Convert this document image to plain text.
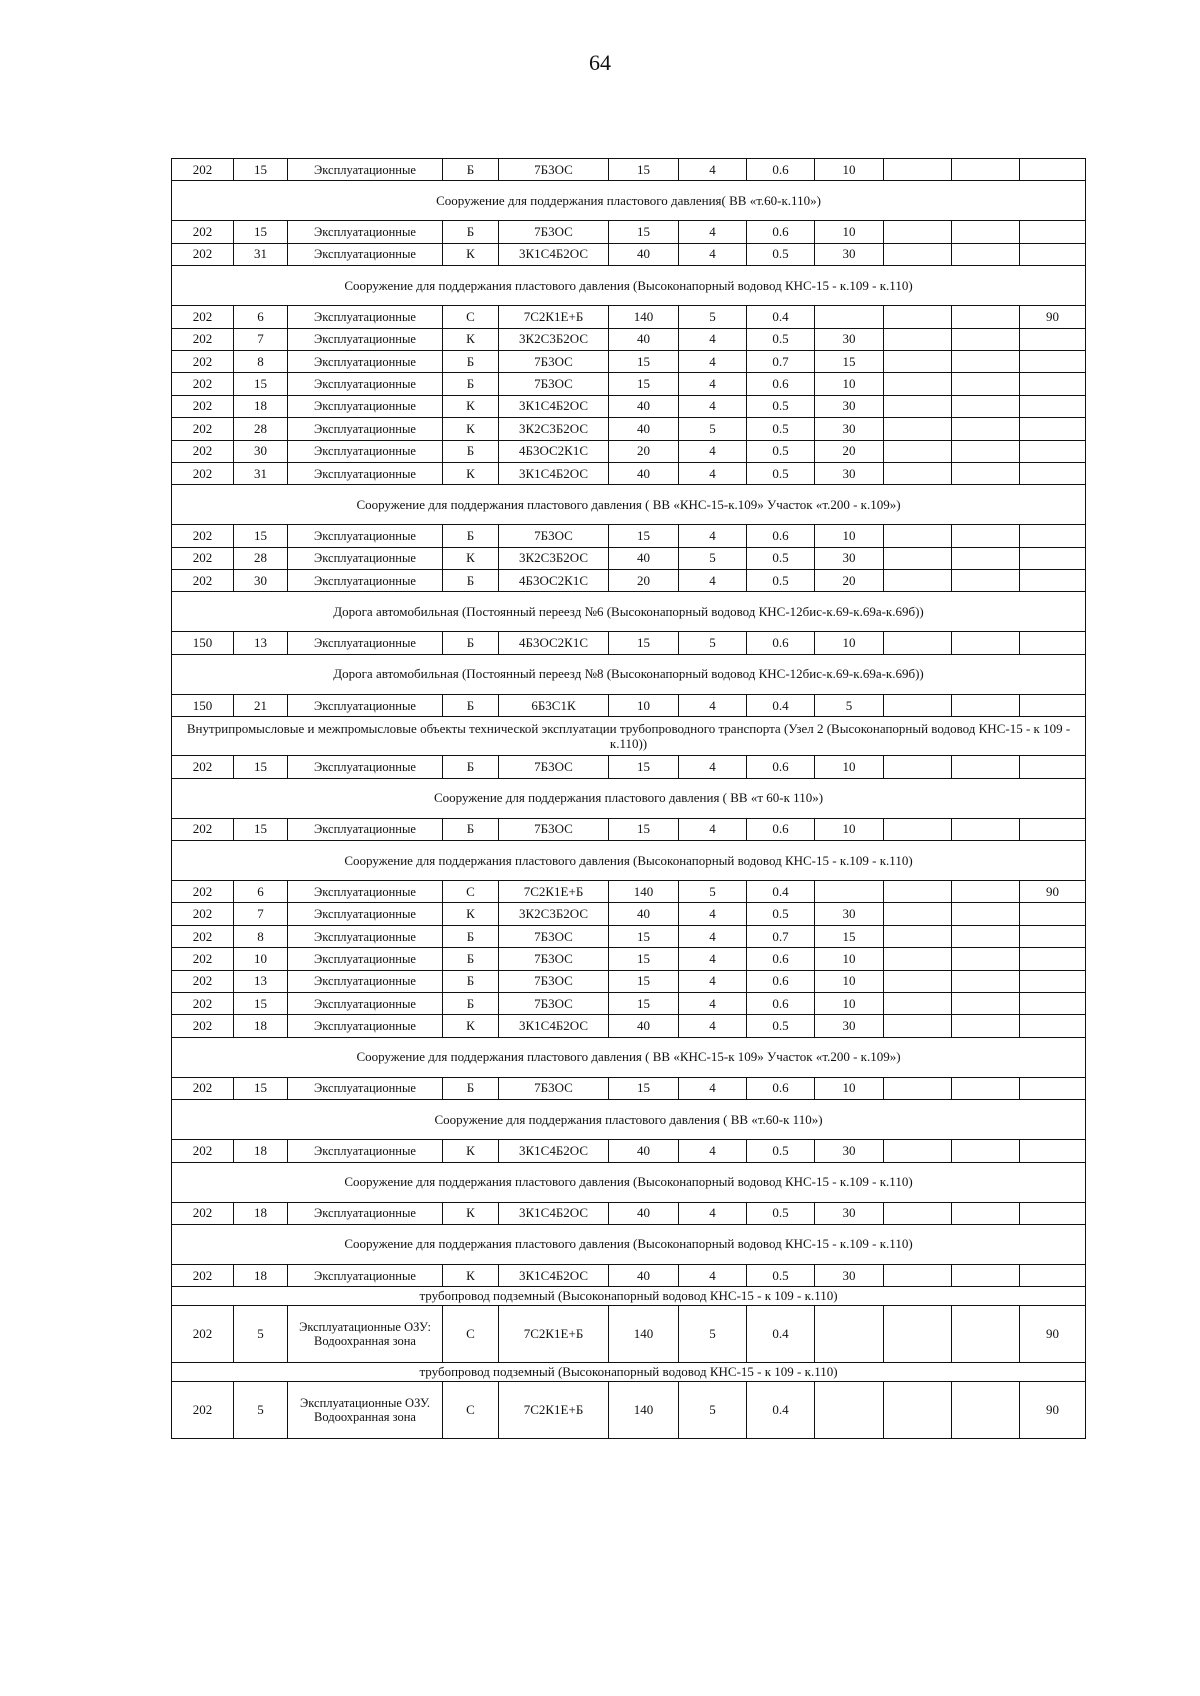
64
202	15	Эксплуатационные	Б	7Б3ОС	15	4	0.6	10			
Сооружение для поддержания пластового давления( ВВ «т.60-к.110»)											
202	15	Эксплуатационные	Б	7Б3ОС	15	4	0.6	10			
202	31	Эксплуатационные	К	3К1С4Б2ОС	40	4	0.5	30			
Сооружение для поддержания пластового давления (Высоконапорный водовод КНС-15 - к.109 - к.110)											
202	6	Эксплуатационные	С	7С2К1Е+Б	140	5	0.4				90
202	7	Эксплуатационные	К	3К2С3Б2ОС	40	4	0.5	30			
202	8	Эксплуатационные	Б	7Б3ОС	15	4	0.7	15			
202	15	Эксплуатационные	Б	7Б3ОС	15	4	0.6	10			
202	18	Эксплуатационные	К	3К1С4Б2ОС	40	4	0.5	30			
202	28	Эксплуатационные	К	3К2С3Б2ОС	40	5	0.5	30			
202	30	Эксплуатационные	Б	4Б3ОС2К1С	20	4	0.5	20			
202	31	Эксплуатационные	К	3К1С4Б2ОС	40	4	0.5	30			
Сооружение для поддержания пластового давления ( ВВ «КНС-15-к.109» Участок «т.200 - к.109»)											
202	15	Эксплуатационные	Б	7Б3ОС	15	4	0.6	10			
202	28	Эксплуатационные	К	3К2С3Б2ОС	40	5	0.5	30			
202	30	Эксплуатационные	Б	4Б3ОС2К1С	20	4	0.5	20			
Дорога автомобильная (Постоянный переезд №6 (Высоконапорный водовод КНС-12бис-к.69-к.69а-к.69б))											
150	13	Эксплуатационные	Б	4Б3ОС2К1С	15	5	0.6	10			
Дорога автомобильная (Постоянный переезд №8 (Высоконапорный водовод КНС-12бис-к.69-к.69а-к.69б))											
150	21	Эксплуатационные	Б	6Б3С1К	10	4	0.4	5			
Внутрипромысловые и межпромысловые объекты технической эксплуатации трубопроводного транспорта (Узел 2 (Высоконапорный водовод КНС-15 - к 109 - к.110))											
202	15	Эксплуатационные	Б	7Б3ОС	15	4	0.6	10			
Сооружение для поддержания пластового давления ( ВВ «т 60-к 110»)											
202	15	Эксплуатационные	Б	7Б3ОС	15	4	0.6	10			
Сооружение для поддержания пластового давления (Высоконапорный водовод КНС-15 - к.109 - к.110)											
202	6	Эксплуатационные	С	7С2К1Е+Б	140	5	0.4				90
202	7	Эксплуатационные	К	3К2С3Б2ОС	40	4	0.5	30			
202	8	Эксплуатационные	Б	7Б3ОС	15	4	0.7	15			
202	10	Эксплуатационные	Б	7Б3ОС	15	4	0.6	10			
202	13	Эксплуатационные	Б	7Б3ОС	15	4	0.6	10			
202	15	Эксплуатационные	Б	7Б3ОС	15	4	0.6	10			
202	18	Эксплуатационные	К	3К1С4Б2ОС	40	4	0.5	30			
Сооружение для поддержания пластового давления ( ВВ «КНС-15-к 109» Участок «т.200 - к.109»)											
202	15	Эксплуатационные	Б	7Б3ОС	15	4	0.6	10			
Сооружение для поддержания пластового давления ( ВВ «т.60-к 110»)											
202	18	Эксплуатационные	К	3К1С4Б2ОС	40	4	0.5	30			
Сооружение для поддержания пластового давления (Высоконапорный водовод КНС-15 - к.109 - к.110)											
202	18	Эксплуатационные	К	3К1С4Б2ОС	40	4	0.5	30			
Сооружение для поддержания пластового давления (Высоконапорный водовод КНС-15 - к.109 - к.110)											
202	18	Эксплуатационные	К	3К1С4Б2ОС	40	4	0.5	30			
трубопровод подземный (Высоконапорный водовод КНС-15 - к 109 - к.110)											
202	5	Эксплуатационные ОЗУ: Водоохранная зона	С	7С2К1Е+Б	140	5	0.4				90
трубопровод подземный (Высоконапорный водовод КНС-15 - к 109 - к.110)											
202	5	Эксплуатационные ОЗУ. Водоохранная зона	С	7С2К1Е+Б	140	5	0.4				90
